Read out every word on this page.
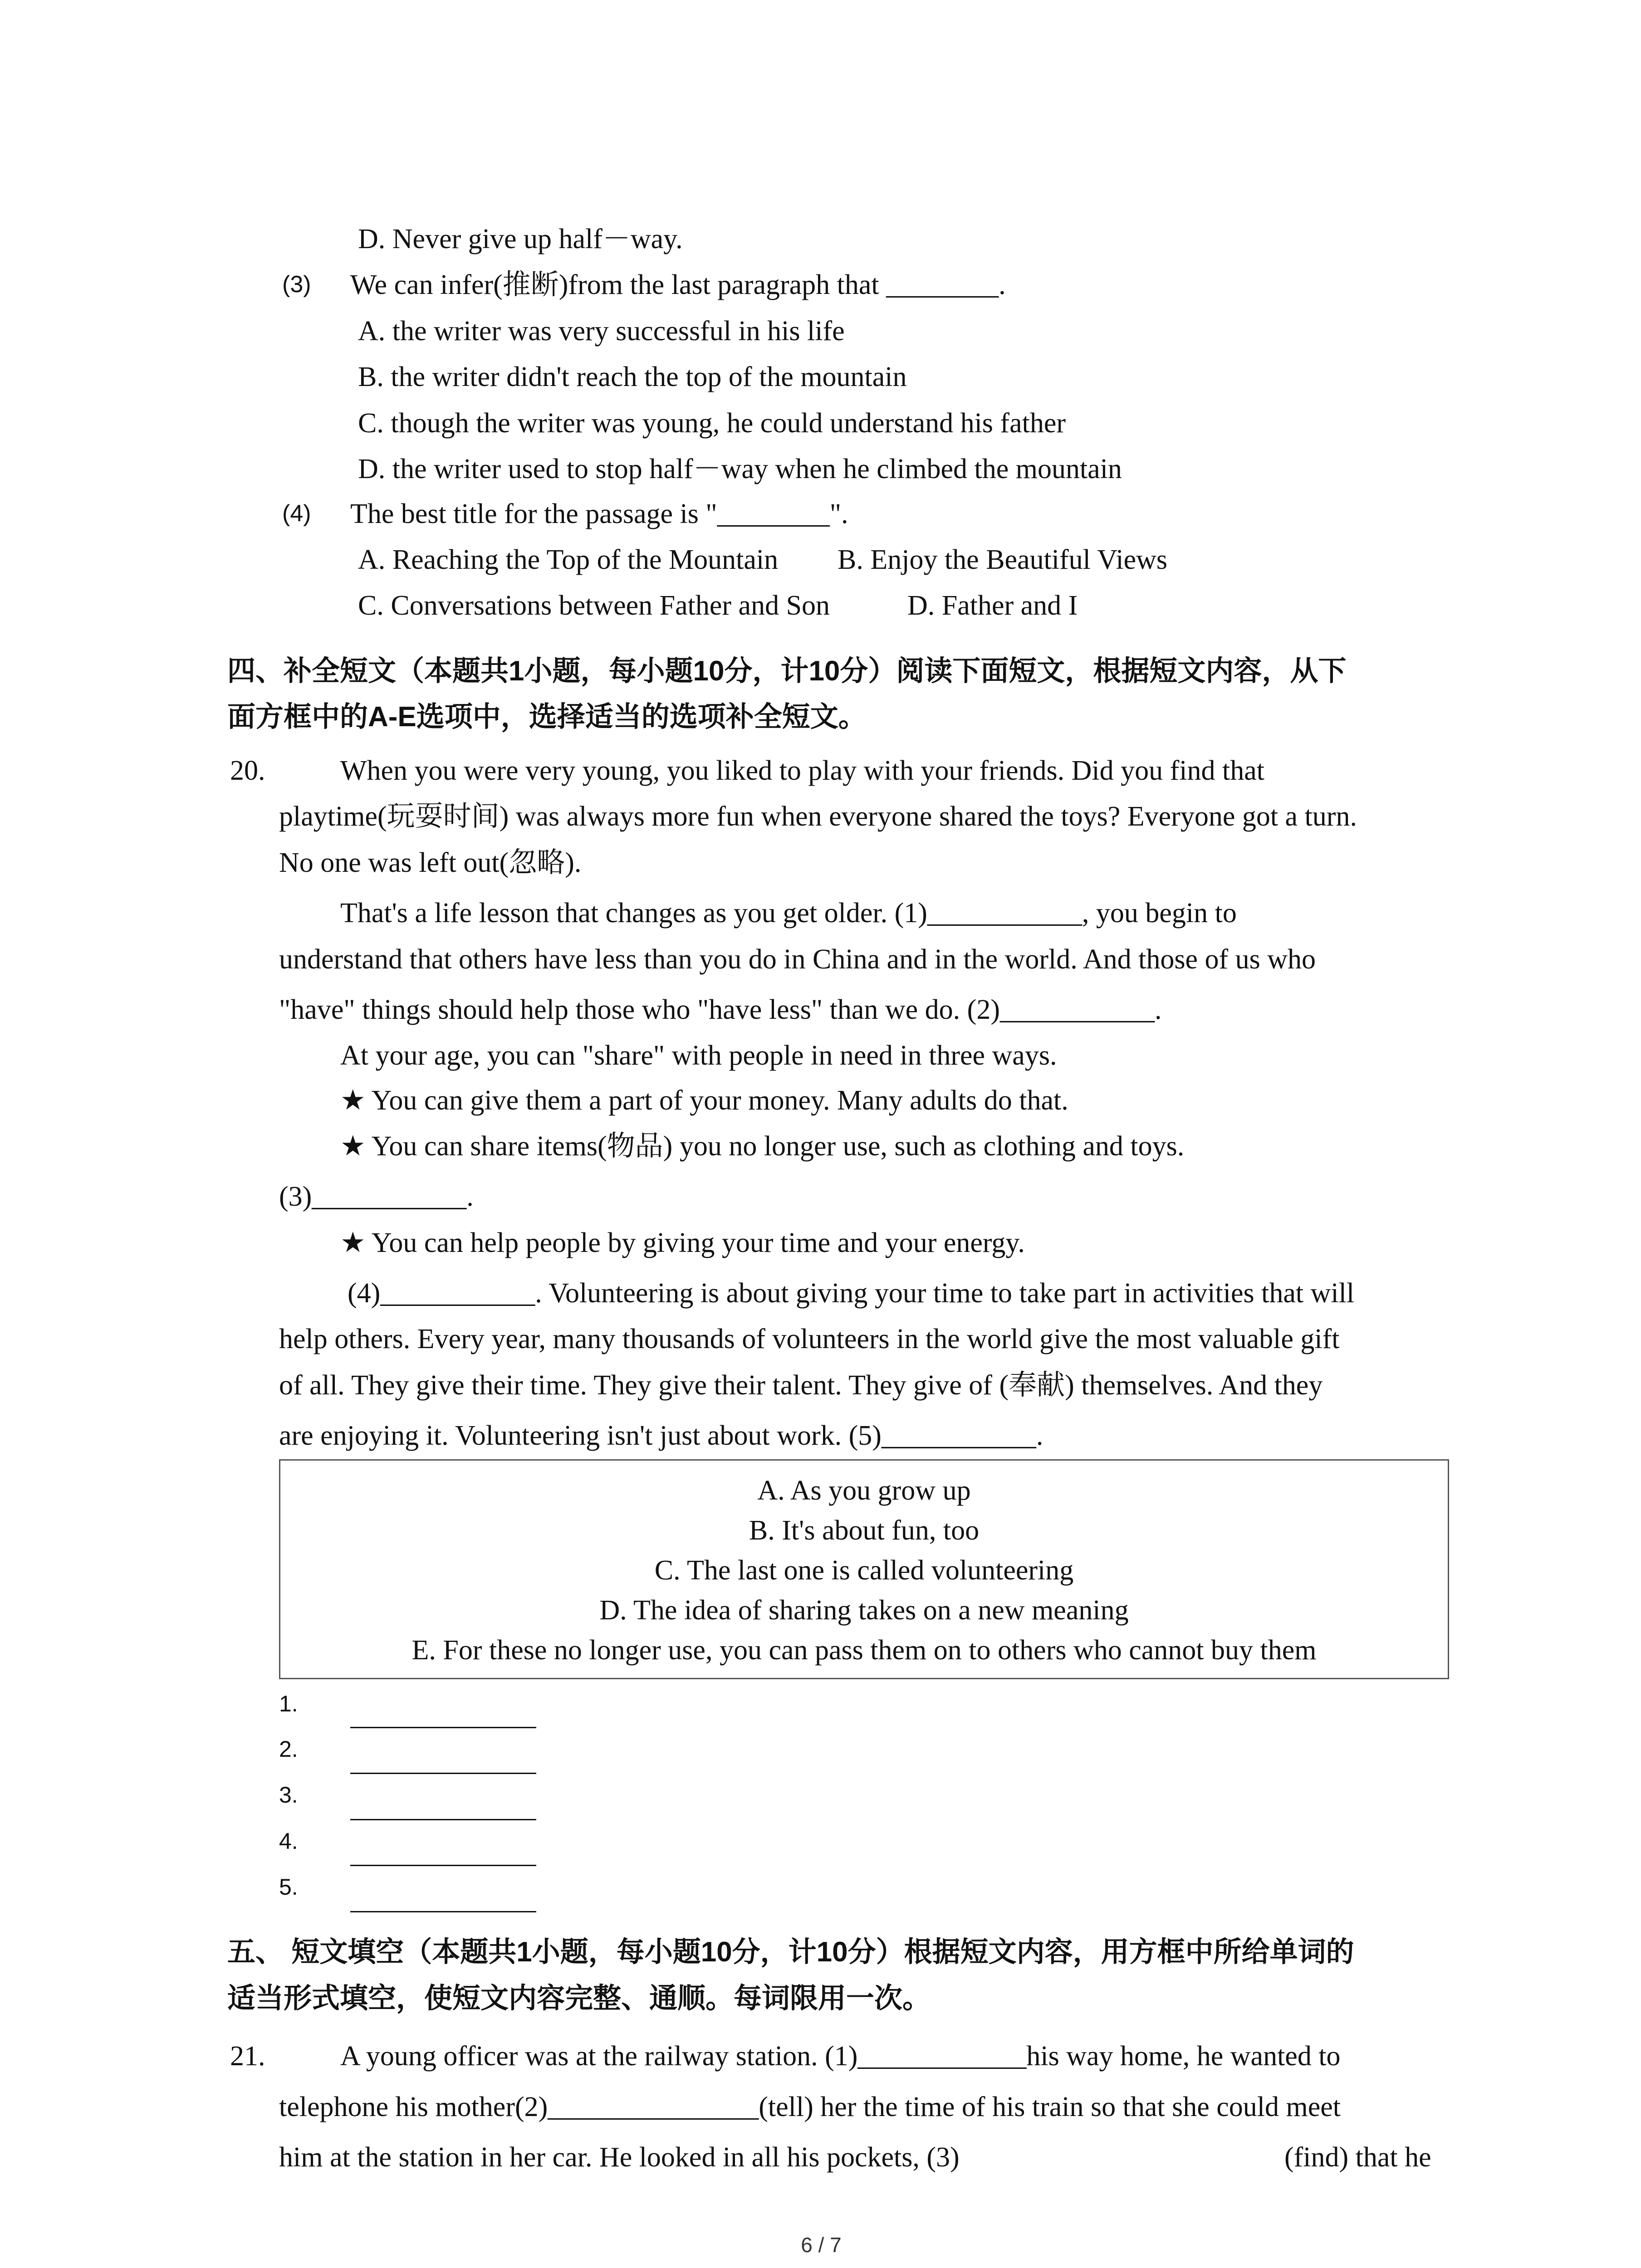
D. Never give up half－way.
(3) We can infer(推断)from the last paragraph that ________.
A. the writer was very successful in his life
B. the writer didn't reach the top of the mountain
C. though the writer was young, he could understand his father
D. the writer used to stop half－way when he climbed the mountain
(4) The best title for the passage is "________".
A. Reaching the Top of the Mountain B. Enjoy the Beautiful Views
C. Conversations between Father and Son	D. Father and I
四、补全短文（本题共1小题，每小题10分，计10分）阅读下面短文，根据短文内容，从下
面方框中的A-E选项中，选择适当的选项补全短文。
20.	When you were very young, you liked to play with your friends. Did you find that
playtime(玩耍时间) was always more fun when everyone shared the toys? Everyone got a turn.
No one was left out(忽略).
That's a life lesson that changes as you get older. (1)___________, you begin to
understand that others have less than you do in China and in the world. And those of us who
"have" things should help those who "have less" than we do. (2)___________.
At your age, you can "share" with people in need in three ways.
★ You can give them a part of your money. Many adults do that.
★ You can share items(物品) you no longer use, such as clothing and toys.
(3)___________.
★ You can help people by giving your time and your energy.
(4)___________. Volunteering is about giving your time to take part in activities that will
help others. Every year, many thousands of volunteers in the world give the most valuable gift
of all. They give their time. They give their talent. They give of (奉献) themselves. And they
are enjoying it. Volunteering isn't just about work. (5)___________.
A. As you grow up
B. It's about fun, too
C. The last one is called volunteering
D. The idea of sharing takes on a new meaning
E. For these no longer use, you can pass them on to others who cannot buy them
1.
2.
3.
4.
5.
五、 短文填空（本题共1小题，每小题10分，计10分）根据短文内容，用方框中所给单词的
适当形式填空，使短文内容完整、通顺。每词限用一次。
21.	A young officer was at the railway station. (1)____________his way home, he wanted to
telephone his mother(2)_______________(tell) her the time of his train so that she could meet
him at the station in her car. He looked in all his pockets, (3)	(find) that he
6 / 7
